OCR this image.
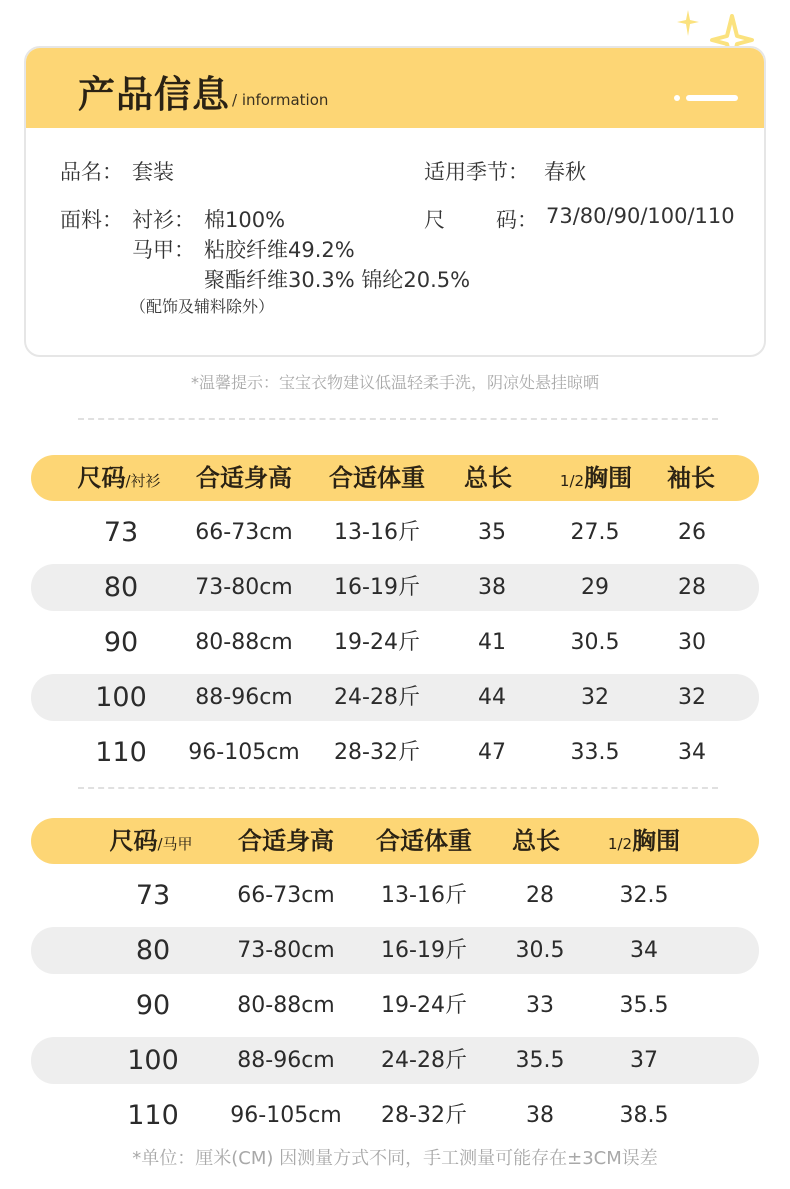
产品信息 / information
品名： 套装	适用季节： 春秋
面料： 衬衫： 棉100%
马甲： 粘胶纤维49.2%
聚酯纤维30.3% 锦纶20.5%
（配饰及辅料除外）
尺 码： 73/80/90/100/110
*温馨提示：宝宝衣物建议低温轻柔手洗，阴凉处悬挂晾晒
尺码/衬衫 合适身高 合适体重 总长	1/2胸围 袖长
73	66-73cm 13-16斤	35	27.5	26
80	73-80cm 16-19斤	38	29	28
90	80-88cm 19-24斤	41	30.5	30
100 88-96cm 24-28斤	44	32	32
110 96-105cm 28-32斤	47	33.5	34
尺码/马甲 合适身高 合适体重 总长	1/2胸围
73	66-73cm 13-16斤	28	32.5
80	73-80cm 16-19斤 30.5	34
90	80-88cm 19-24斤	33	35.5
100	88-96cm 24-28斤 35.5	37
110 96-105cm 28-32斤	38	38.5
*单位：厘米(CM) 因测量方式不同，手工测量可能存在±3CM误差
